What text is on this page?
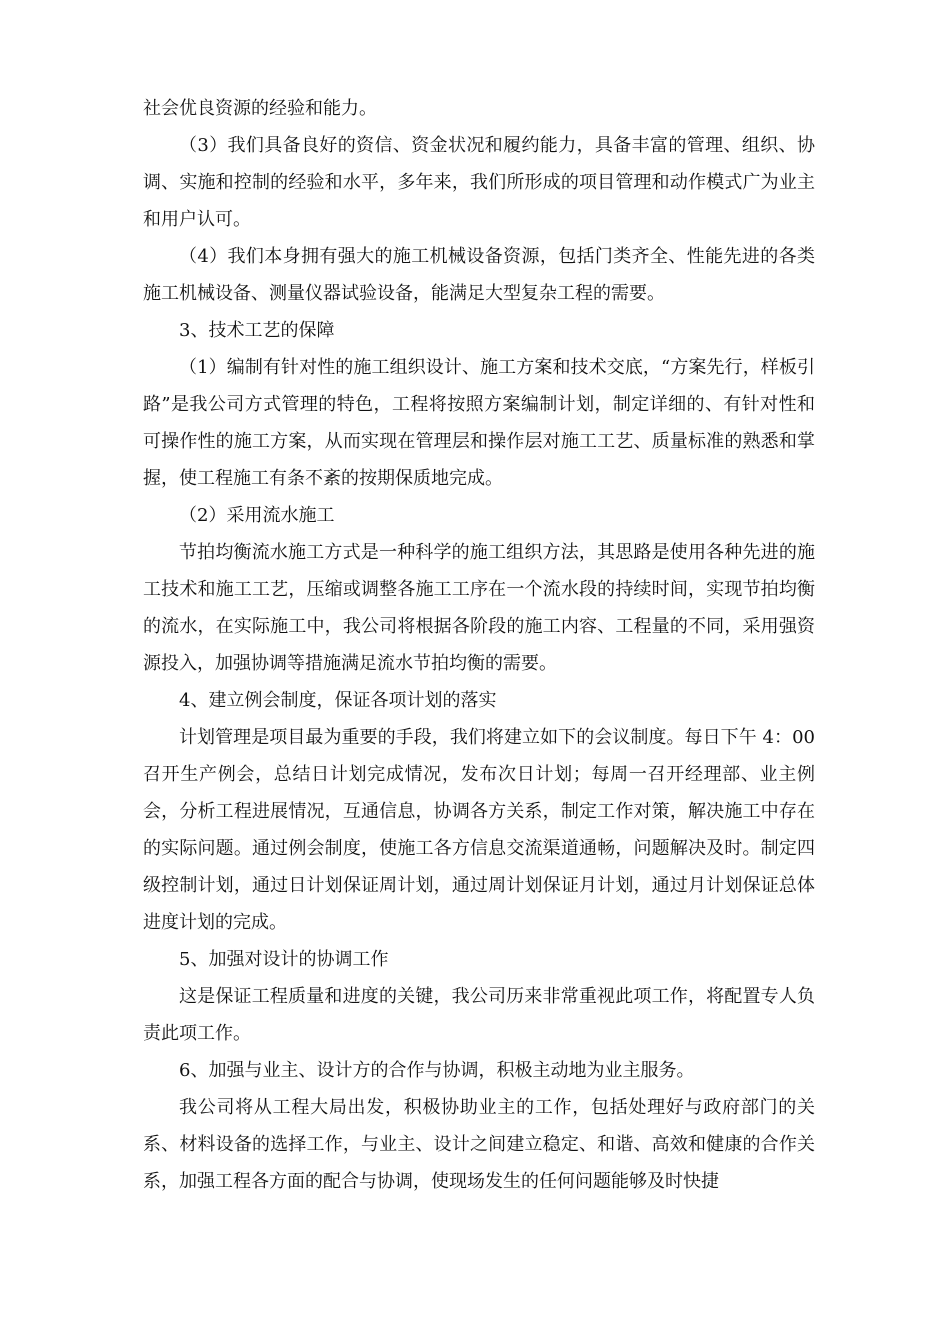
社会优良资源的经验和能力。

（3）我们具备良好的资信、资金状况和履约能力，具备丰富的管理、组织、协调、实施和控制的经验和水平，多年来，我们所形成的项目管理和动作模式广为业主和用户认可。

（4）我们本身拥有强大的施工机械设备资源，包括门类齐全、性能先进的各类施工机械设备、测量仪器试验设备，能满足大型复杂工程的需要。

3、技术工艺的保障

（1）编制有针对性的施工组织设计、施工方案和技术交底，“方案先行，样板引路”是我公司方式管理的特色，工程将按照方案编制计划，制定详细的、有针对性和可操作性的施工方案，从而实现在管理层和操作层对施工工艺、质量标准的熟悉和掌握，使工程施工有条不紊的按期保质地完成。

（2）采用流水施工

节拍均衡流水施工方式是一种科学的施工组织方法，其思路是使用各种先进的施工技术和施工工艺，压缩或调整各施工工序在一个流水段的持续时间，实现节拍均衡的流水，在实际施工中，我公司将根据各阶段的施工内容、工程量的不同，采用强资源投入，加强协调等措施满足流水节拍均衡的需要。

4、建立例会制度，保证各项计划的落实

计划管理是项目最为重要的手段，我们将建立如下的会议制度。每日下午 4：00 召开生产例会，总结日计划完成情况，发布次日计划；每周一召开经理部、业主例会，分析工程进展情况，互通信息，协调各方关系，制定工作对策，解决施工中存在的实际问题。通过例会制度，使施工各方信息交流渠道通畅，问题解决及时。制定四级控制计划，通过日计划保证周计划，通过周计划保证月计划，通过月计划保证总体进度计划的完成。

5、加强对设计的协调工作

这是保证工程质量和进度的关键，我公司历来非常重视此项工作，将配置专人负责此项工作。

6、加强与业主、设计方的合作与协调，积极主动地为业主服务。

我公司将从工程大局出发，积极协助业主的工作，包括处理好与政府部门的关系、材料设备的选择工作，与业主、设计之间建立稳定、和谐、高效和健康的合作关系，加强工程各方面的配合与协调，使现场发生的任何问题能够及时快捷
